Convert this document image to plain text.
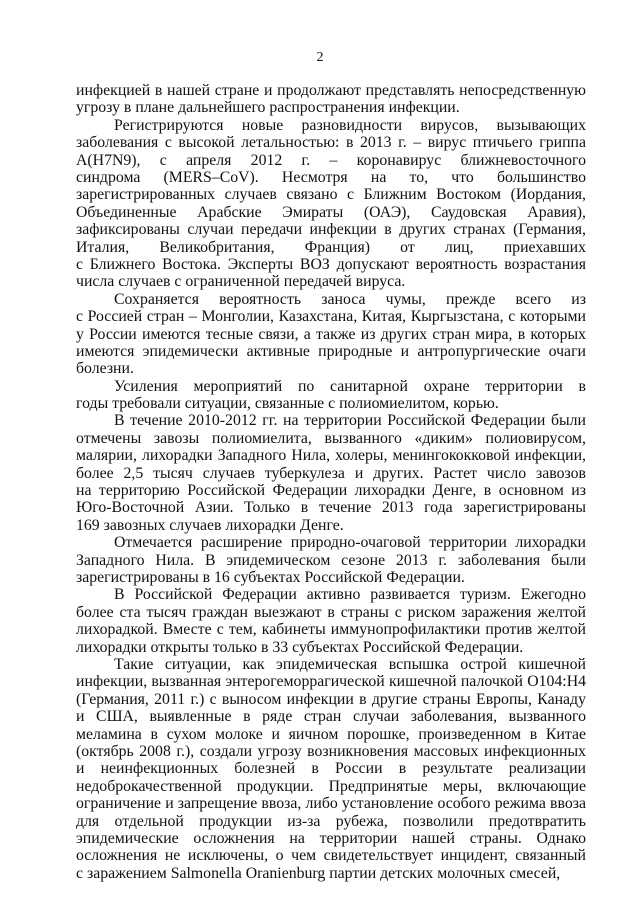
2
инфекцией в нашей стране и продолжают представлять непосредственную
угрозу в плане дальнейшего распространения инфекции.
Регистрируются новые разновидности вирусов, вызывающих
заболевания с высокой летальностью: в 2013 г. – вирус птичьего гриппа
A(H7N9), с апреля 2012 г. – коронавирус ближневосточного
синдрома (MERS–CoV). Несмотря на то, что большинство
зарегистрированных случаев связано с Ближним Востоком (Иордания,
Объединенные Арабские Эмираты (ОАЭ), Саудовская Аравия),
зафиксированы случаи передачи инфекции в других странах (Германия,
Италия, Великобритания, Франция) от лиц, приехавших
с Ближнего Востока. Эксперты ВОЗ допускают вероятность возрастания
числа случаев с ограниченной передачей вируса.
Сохраняется вероятность заноса чумы, прежде всего из
с Россией стран – Монголии, Казахстана, Китая, Кыргызстана, с которыми
у России имеются тесные связи, а также из других стран мира, в которых
имеются эпидемически активные природные и антропургические очаги
болезни.
Усиления мероприятий по санитарной охране территории в
годы требовали ситуации, связанные с полиомиелитом, корью.
В течение 2010-2012 гг. на территории Российской Федерации были
отмечены завозы полиомиелита, вызванного «диким» полиовирусом,
малярии, лихорадки Западного Нила, холеры, менингококковой инфекции,
более 2,5 тысяч случаев туберкулеза и других. Растет число завозов
на территорию Российской Федерации лихорадки Денге, в основном из
Юго-Восточной Азии. Только в течение 2013 года зарегистрированы
169 завозных случаев лихорадки Денге.
Отмечается расширение природно-очаговой территории лихорадки
Западного Нила. В эпидемическом сезоне 2013 г. заболевания были
зарегистрированы в 16 субъектах Российской Федерации.
В Российской Федерации активно развивается туризм. Ежегодно
более ста тысяч граждан выезжают в страны с риском заражения желтой
лихорадкой. Вместе с тем, кабинеты иммунопрофилактики против желтой
лихорадки открыты только в 33 субъектах Российской Федерации.
Такие ситуации, как эпидемическая вспышка острой кишечной
инфекции, вызванная энтерогеморрагической кишечной палочкой О104:Н4
(Германия, 2011 г.) с выносом инфекции в другие страны Европы, Канаду
и США, выявленные в ряде стран случаи заболевания, вызванного
меламина в сухом молоке и яичном порошке, произведенном в Китае
(октябрь 2008 г.), создали угрозу возникновения массовых инфекционных
и неинфекционных болезней в России в результате реализации
недоброкачественной продукции. Предпринятые меры, включающие
ограничение и запрещение ввоза, либо установление особого режима ввоза
для отдельной продукции из-за рубежа, позволили предотвратить
эпидемические осложнения на территории нашей страны. Однако
осложнения не исключены, о чем свидетельствует инцидент, связанный
с заражением Salmonella Oranienburg партии детских молочных смесей,
